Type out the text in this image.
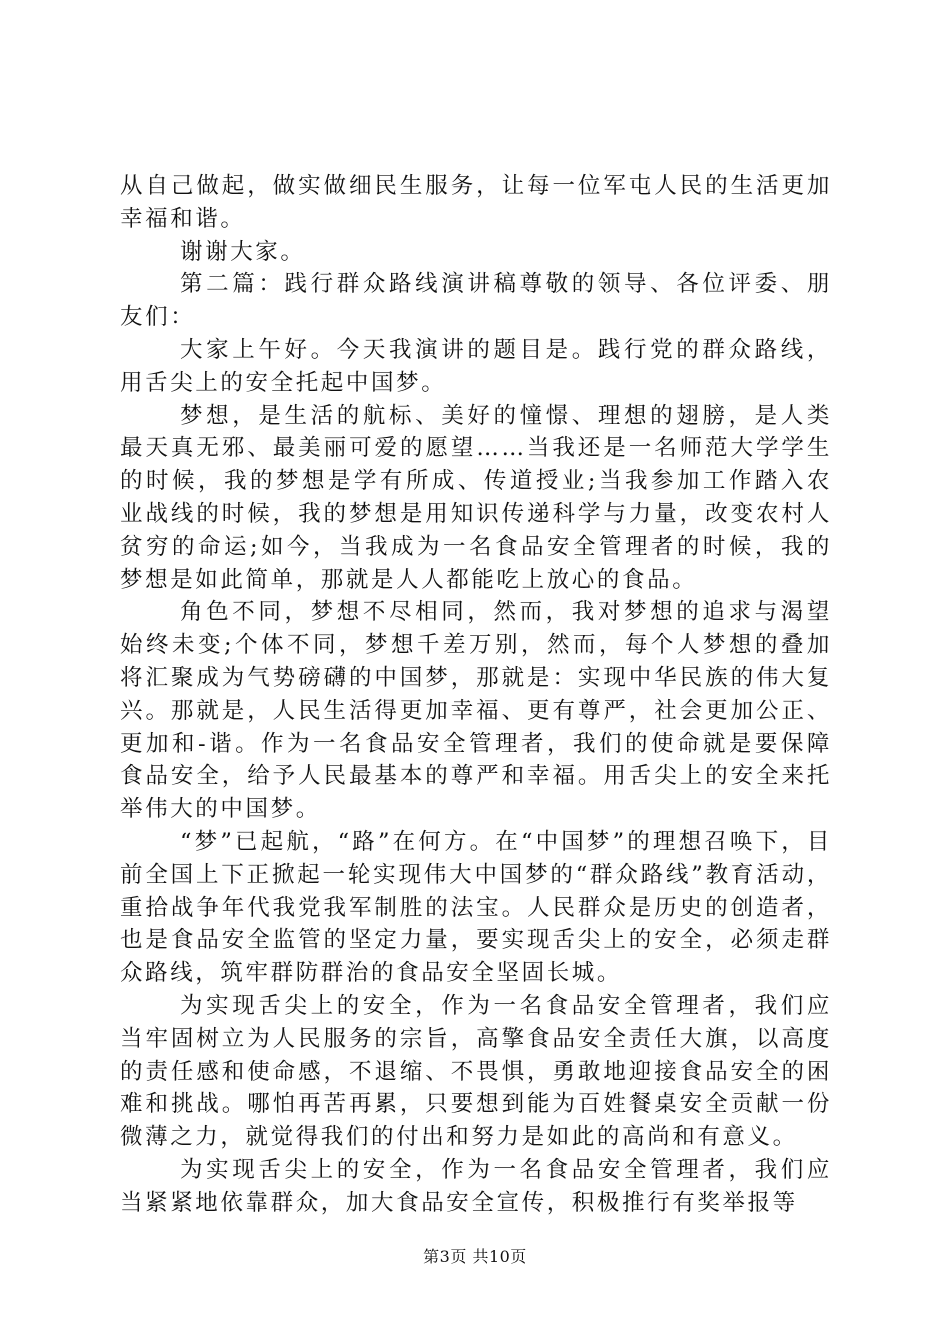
从自己做起，做实做细民生服务，让每一位军屯人民的生活更加幸福和谐。

谢谢大家。

第二篇：践行群众路线演讲稿尊敬的领导、各位评委、朋友们：

大家上午好。今天我演讲的题目是。践行党的群众路线，用舌尖上的安全托起中国梦。

梦想，是生活的航标、美好的憧憬、理想的翅膀，是人类最天真无邪、最美丽可爱的愿望……当我还是一名师范大学学生的时候，我的梦想是学有所成、传道授业;当我参加工作踏入农业战线的时候，我的梦想是用知识传递科学与力量，改变农村人贫穷的命运;如今，当我成为一名食品安全管理者的时候，我的梦想是如此简单，那就是人人都能吃上放心的食品。

角色不同，梦想不尽相同，然而，我对梦想的追求与渴望始终未变;个体不同，梦想千差万别，然而，每个人梦想的叠加将汇聚成为气势磅礴的中国梦，那就是：实现中华民族的伟大复兴。那就是，人民生活得更加幸福、更有尊严，社会更加公正、更加和-谐。作为一名食品安全管理者，我们的使命就是要保障食品安全，给予人民最基本的尊严和幸福。用舌尖上的安全来托举伟大的中国梦。

“梦”已起航，“路”在何方。在“中国梦”的理想召唤下，目前全国上下正掀起一轮实现伟大中国梦的“群众路线”教育活动，重拾战争年代我党我军制胜的法宝。人民群众是历史的创造者，也是食品安全监管的坚定力量，要实现舌尖上的安全，必须走群众路线，筑牢群防群治的食品安全坚固长城。

为实现舌尖上的安全，作为一名食品安全管理者，我们应当牢固树立为人民服务的宗旨，高擎食品安全责任大旗，以高度的责任感和使命感，不退缩、不畏惧，勇敢地迎接食品安全的困难和挑战。哪怕再苦再累，只要想到能为百姓餐桌安全贡献一份微薄之力，就觉得我们的付出和努力是如此的高尚和有意义。

为实现舌尖上的安全，作为一名食品安全管理者，我们应当紧紧地依靠群众，加大食品安全宣传，积极推行有奖举报等

第3页 共10页
